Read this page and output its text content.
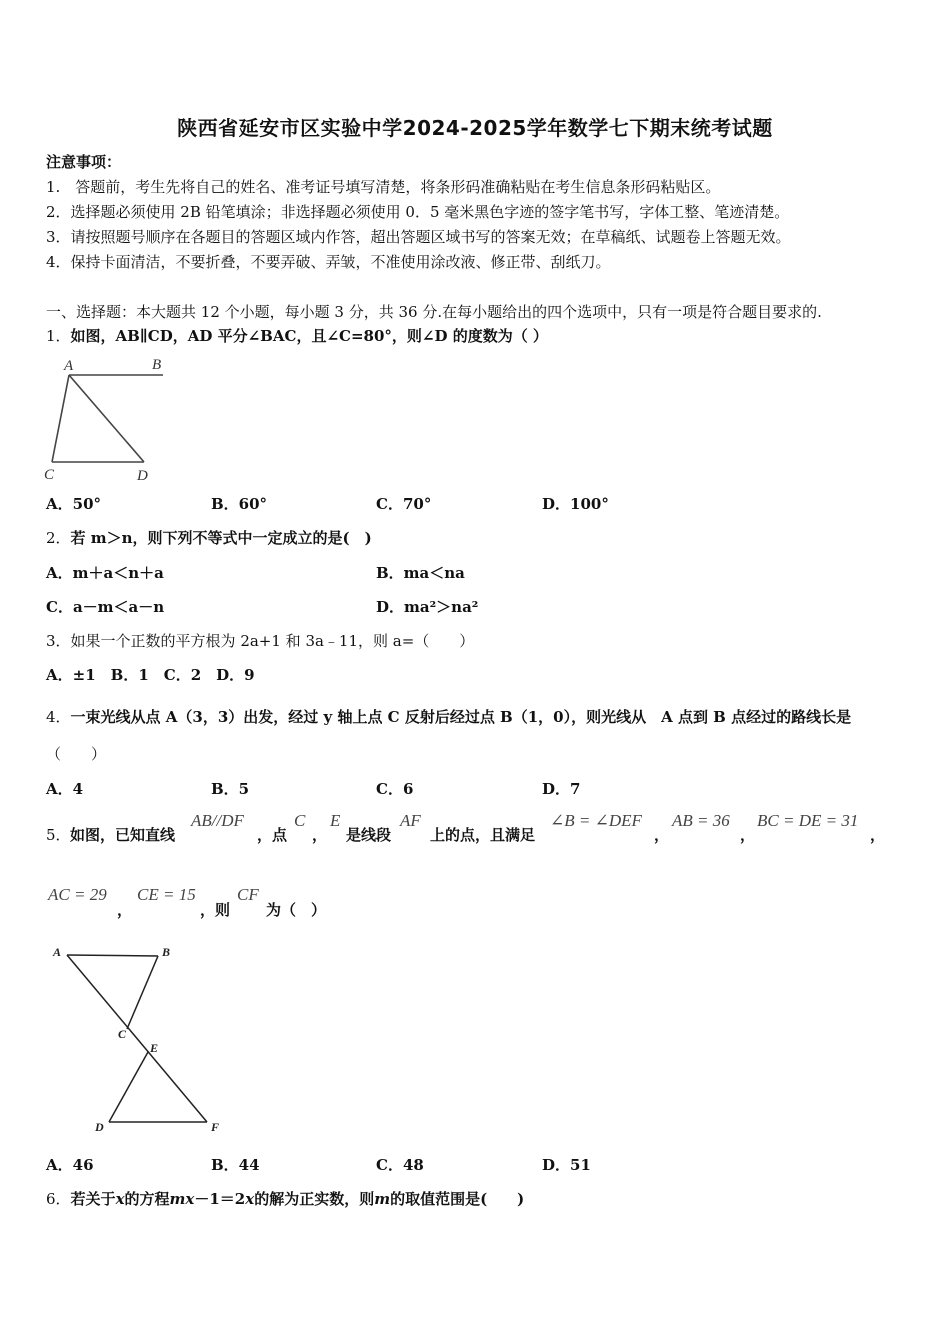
陕西省延安市区实验中学2024-2025学年数学七下期末统考试题
注意事项：
1.　答题前，考生先将自己的姓名、准考证号填写清楚，将条形码准确粘贴在考生信息条形码粘贴区。
2．选择题必须使用 2B 铅笔填涂；非选择题必须使用 0．5 毫米黑色字迹的签字笔书写，字体工整、笔迹清楚。
3．请按照题号顺序在各题目的答题区域内作答，超出答题区域书写的答案无效；在草稿纸、试题卷上答题无效。
4．保持卡面清洁，不要折叠，不要弄破、弄皱，不准使用涂改液、修正带、刮纸刀。
一、选择题：本大题共 12 个小题，每小题 3 分，共 36 分.在每小题给出的四个选项中，只有一项是符合题目要求的.
1．如图，AB∥CD，AD 平分∠BAC，且∠C=80°，则∠D 的度数为（ ）
A	B
C	D
A．50°	B．60°	C．70°	D．100°
2．若 m＞n，则下列不等式中一定成立的是(　)
A．m＋a＜n＋a	B．ma＜na
C．a－m＜a－n	D．ma²＞na²
3．如果一个正数的平方根为 2a+1 和 3a﹣11，则 a=（　　）
A．±1　B．1　C．2　D．9
4．一束光线从点 A（3，3）出发，经过 y 轴上点 C 反射后经过点 B（1，0），则光线从　A 点到 B 点经过的路线长是
（　　）
A．4	B．5	C．6	D．7
5． 如图，已知直线
AB//DF
，点
C
，
E
是线段
AF
上的点，且满足
∠B = ∠DEF
，
AB = 36
，
BC = DE = 31
，
AC = 29
，
CE = 15
，则
CF
为（　）
A	B
C
E
D	F
A．46	B．44	C．48	D．51
6．若关于x的方程mx－1＝2x的解为正实数，则m的取值范围是(　　)
